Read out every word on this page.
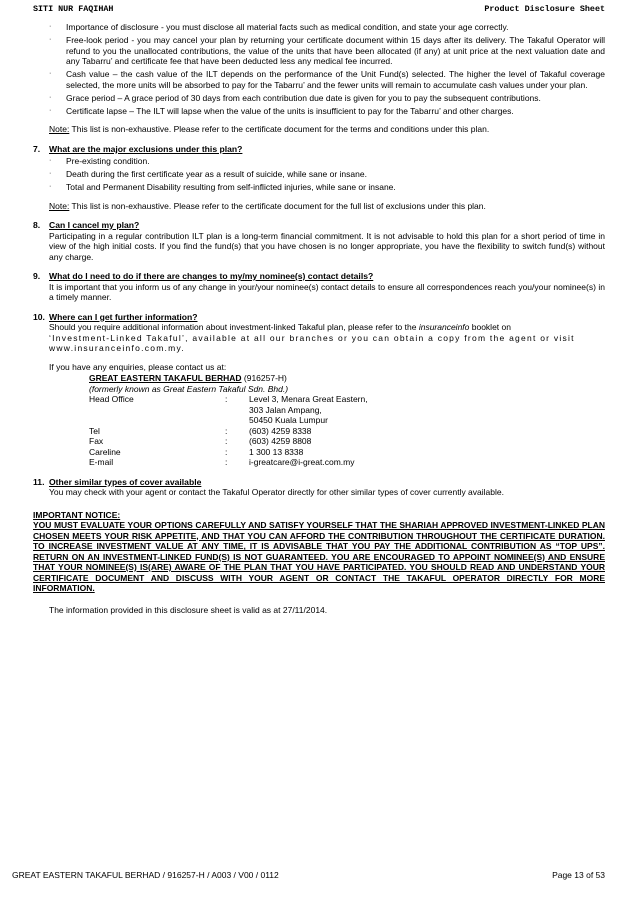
SITI NUR FAQIHAH	Product Disclosure Sheet
·	Importance of disclosure - you must disclose all material facts such as medical condition, and state your age correctly.
·	Free-look period - you may cancel your plan by returning your certificate document within 15 days after its delivery. The Takaful Operator will refund to you the unallocated contributions, the value of the units that have been allocated (if any) at unit price at the next valuation date and any Tabarru’ and certificate fee that have been deducted less any medical fee incurred.
·	Cash value – the cash value of the ILT depends on the performance of the Unit Fund(s) selected. The higher the level of Takaful coverage selected, the more units will be absorbed to pay for the Tabarru’ and the fewer units will remain to accumulate cash values under your plan.
·	Grace period – A grace period of 30 days from each contribution due date is given for you to pay the subsequent contributions.
·	Certificate lapse – The ILT will lapse when the value of the units is insufficient to pay for the Tabarru’ and other charges.
Note: This list is non-exhaustive. Please refer to the certificate document for the terms and conditions under this plan.
7.	What are the major exclusions under this plan?
·	Pre-existing condition.
·	Death during the first certificate year as a result of suicide, while sane or insane.
·	Total and Permanent Disability resulting from self-inflicted injuries, while sane or insane.
Note: This list is non-exhaustive. Please refer to the certificate document for the full list of exclusions under this plan.
8.	Can I cancel my plan?
Participating in a regular contribution ILT plan is a long-term financial commitment. It is not advisable to hold this plan for a short period of time in view of the high initial costs. If you find the fund(s) that you have chosen is no longer appropriate, you have the flexibility to switch fund(s) without any charge.
9.	What do I need to do if there are changes to my/my nominee(s) contact details?
It is important that you inform us of any change in your/your nominee(s) contact details to ensure all correspondences reach you/your nominee(s) in a timely manner.
10. Where can I get further information?
Should you require additional information about investment-linked Takaful plan, please refer to the insuranceinfo booklet on
‘Investment-Linked Takaful’, available at all our branches or you can obtain a copy from the agent or visit
www.insuranceinfo.com.my.
If you have any enquiries, please contact us at:
GREAT EASTERN TAKAFUL BERHAD (916257-H)
(formerly known as Great Eastern Takaful Sdn. Bhd.)
Head Office	:	Level 3, Menara Great Eastern,
303 Jalan Ampang,
50450 Kuala Lumpur
Tel	:	(603) 4259 8338
Fax	:	(603) 4259 8808
Careline	:	1 300 13 8338
E-mail	:	i-greatcare@i-great.com.my
11. Other similar types of cover available
You may check with your agent or contact the Takaful Operator directly for other similar types of cover currently available.
IMPORTANT NOTICE:
YOU MUST EVALUATE YOUR OPTIONS CAREFULLY AND SATISFY YOURSELF THAT THE SHARIAH APPROVED INVESTMENT-LINKED PLAN CHOSEN MEETS YOUR RISK APPETITE, AND THAT YOU CAN AFFORD THE CONTRIBUTION THROUGHOUT THE CERTIFICATE DURATION. TO INCREASE INVESTMENT VALUE AT ANY TIME, IT IS ADVISABLE THAT YOU PAY THE ADDITIONAL CONTRIBUTION AS “TOP UPS”. RETURN ON AN INVESTMENT-LINKED FUND(S) IS NOT GUARANTEED. YOU ARE ENCOURAGED TO APPOINT NOMINEE(S) AND ENSURE THAT YOUR NOMINEE(S) IS(ARE) AWARE OF THE PLAN THAT YOU HAVE PARTICIPATED. YOU SHOULD READ AND UNDERSTAND YOUR CERTIFICATE DOCUMENT AND DISCUSS WITH YOUR AGENT OR CONTACT THE TAKAFUL OPERATOR DIRECTLY FOR MORE INFORMATION.
The information provided in this disclosure sheet is valid as at 27/11/2014.
GREAT EASTERN TAKAFUL BERHAD / 916257-H / A003 / V00 / 0112	Page 13 of 53
